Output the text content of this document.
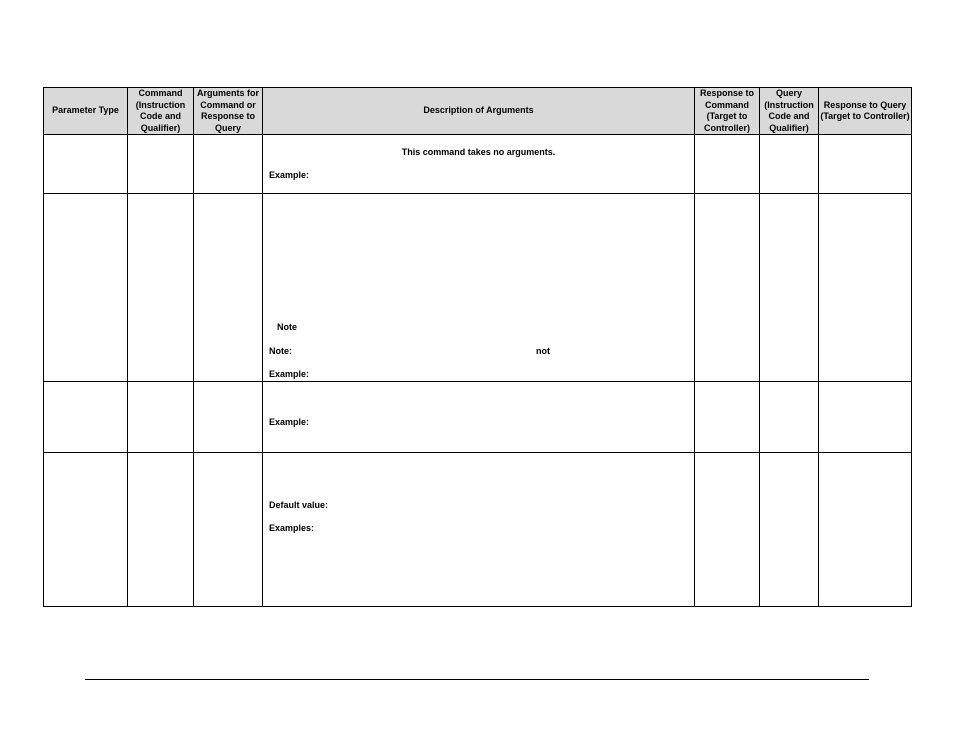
Parameter Type	Command (Instruction Code and Qualifier)	Arguments for Command or Response to Query	Description of Arguments	Response to Command (Target to Controller)	Query (Instruction Code and Qualifier)	Response to Query (Target to Controller)

			This command takes no arguments.
Example:			

			Note
Note: not
Example:			

			Example:			

			Default value:
Examples:			
